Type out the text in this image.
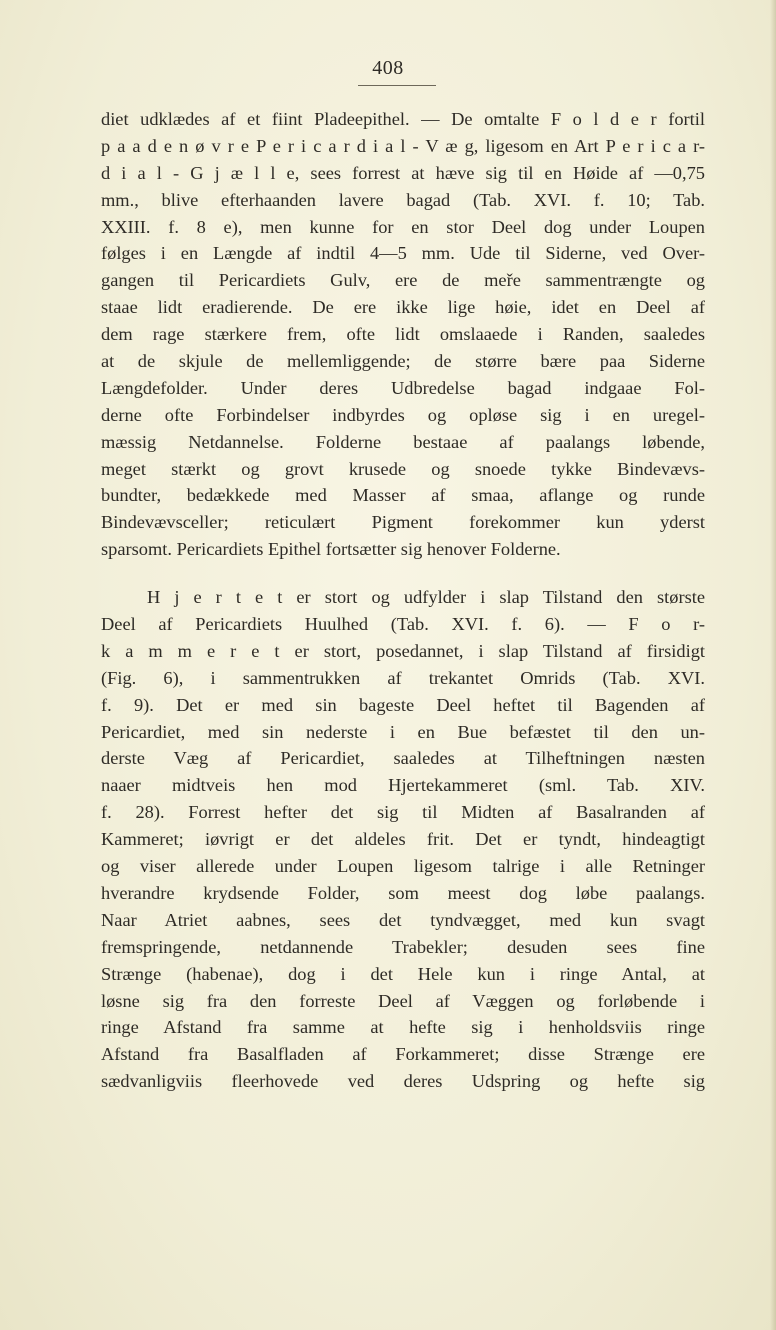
408
diet udklædes af et fiint Pladeepithel. — De omtalte F o l d e r fortil
p a a d e n ø v r e P e r i c a r d i a l - V æ g, ligesom en Art P e r i c a r-
d i a l - G j æ l l e, sees forrest at hæve sig til en Høide af —0,75
mm., blive efterhaanden lavere bagad (Tab. XVI. f. 10; Tab.
XXIII. f. 8 e), men kunne for en stor Deel dog under Loupen
følges i en Længde af indtil 4—5 mm. Ude til Siderne, ved Over-
gangen til Pericardiets Gulv, ere de meře sammentrængte og
staae lidt eradierende. De ere ikke lige høie, idet en Deel af
dem rage stærkere frem, ofte lidt omslaaede i Randen, saaledes
at de skjule de mellemliggende; de større bære paa Siderne
Længdefolder. Under deres Udbredelse bagad indgaae Fol-
derne ofte Forbindelser indbyrdes og opløse sig i en uregel-
mæssig Netdannelse. Folderne bestaae af paalangs løbende,
meget stærkt og grovt krusede og snoede tykke Bindevævs-
bundter, bedækkede med Masser af smaa, aflange og runde
Bindevævsceller; reticulært Pigment forekommer kun yderst
sparsomt. Pericardiets Epithel fortsætter sig henover Folderne.
H j e r t e t er stort og udfylder i slap Tilstand den største
Deel af Pericardiets Huulhed (Tab. XVI. f. 6). — F o r-
k a m m e r e t er stort, posedannet, i slap Tilstand af firsidigt
(Fig. 6), i sammentrukken af trekantet Omrids (Tab. XVI.
f. 9). Det er med sin bageste Deel heftet til Bagenden af
Pericardiet, med sin nederste i en Bue befæstet til den un-
derste Væg af Pericardiet, saaledes at Tilheftningen næsten
naaer midtveis hen mod Hjertekammeret (sml. Tab. XIV.
f. 28). Forrest hefter det sig til Midten af Basalranden af
Kammeret; iøvrigt er det aldeles frit. Det er tyndt, hindeagtigt
og viser allerede under Loupen ligesom talrige i alle Retninger
hverandre krydsende Folder, som meest dog løbe paalangs.
Naar Atriet aabnes, sees det tyndvægget, med kun svagt
fremspringende, netdannende Trabekler; desuden sees fine
Strænge (habenae), dog i det Hele kun i ringe Antal, at
løsne sig fra den forreste Deel af Væggen og forløbende i
ringe Afstand fra samme at hefte sig i henholdsviis ringe
Afstand fra Basalfladen af Forkammeret; disse Strænge ere
sædvanligviis fleerhovede ved deres Udspring og hefte sig
